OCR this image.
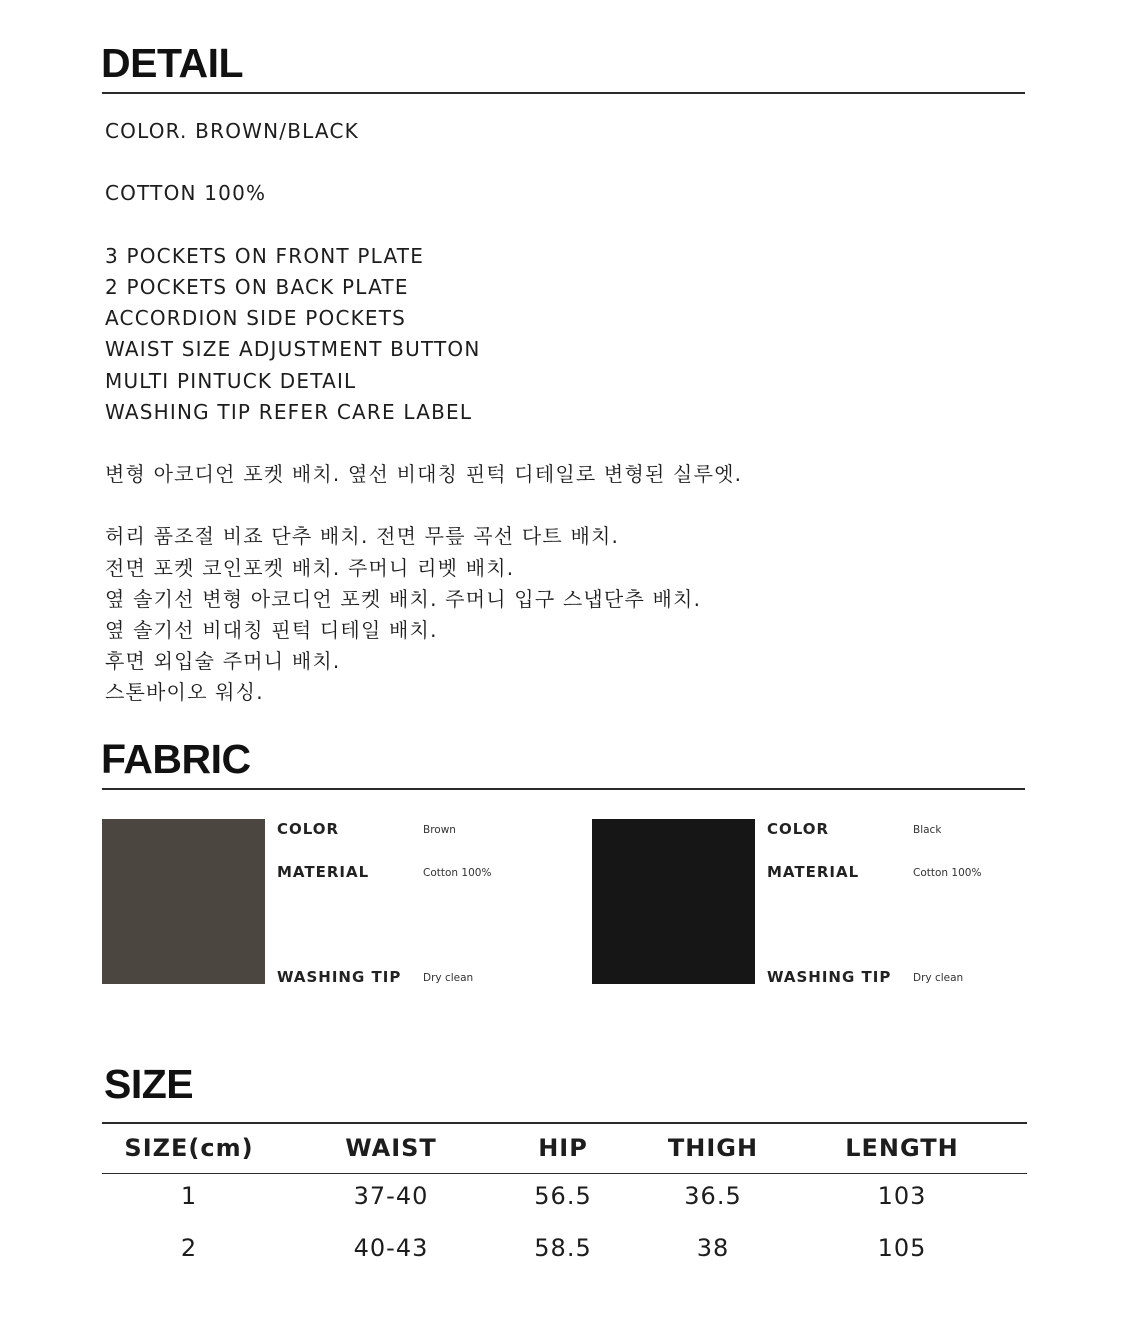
DETAIL
COLOR. BROWN/BLACK
COTTON 100%
3 POCKETS ON FRONT PLATE
2 POCKETS ON BACK PLATE
ACCORDION SIDE POCKETS
WAIST SIZE ADJUSTMENT BUTTON
MULTI PINTUCK DETAIL
WASHING TIP REFER CARE LABEL
변형 아코디언 포켓 배치. 옆선 비대칭 핀턱 디테일로 변형된 실루엣.
허리 품조절 비죠 단추 배치. 전면 무릎 곡선 다트 배치.
전면 포켓 코인포켓 배치. 주머니 리벳 배치.
옆 솔기선 변형 아코디언 포켓 배치. 주머니 입구 스냅단추 배치.
옆 솔기선 비대칭 핀턱 디테일 배치.
후면 외입술 주머니 배치.
스톤바이오 워싱.
FABRIC
COLOR	Brown
MATERIAL	Cotton 100%
WASHING TIP Dry clean
COLOR	Black
MATERIAL	Cotton 100%
WASHING TIP Dry clean
SIZE
SIZE(cm)	WAIST	HIP	THIGH	LENGTH
1	37-40	56.5	36.5	103
2	40-43	58.5	38	105
